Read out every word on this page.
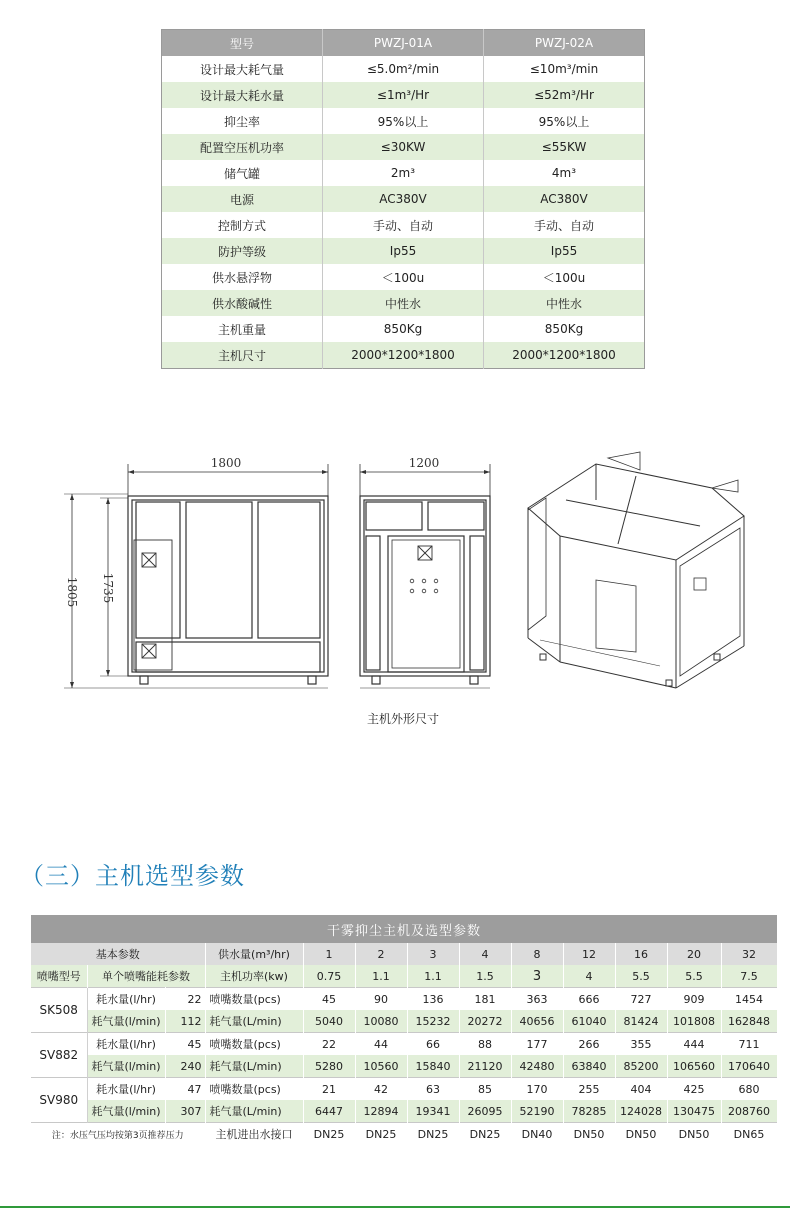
型号	PWZJ-01A	PWZJ-02A
设计最大耗气量	≤5.0m²/min	≤10m³/min
设计最大耗水量	≤1m³/Hr	≤52m³/Hr
抑尘率	95%以上	95%以上
配置空压机功率	≤30KW	≤55KW
储气罐	2m³	4m³
电源	AC380V	AC380V
控制方式	手动、自动	手动、自动
防护等级	Ip55	Ip55
供水悬浮物	＜100u	＜100u
供水酸碱性	中性水	中性水
主机重量	850Kg	850Kg
主机尺寸	2000*1200*1800	2000*1200*1800
1800	1200
1805 1735
主机外形尺寸
（三）主机选型参数
干雾抑尘主机及选型参数												
基本参数			供水量(m³/hr)	1	2	3	4	8	12	16	20	32
喷嘴型号	单个喷嘴能耗参数		主机功率(kw)	0.75	1.1	1.1	1.5	3	4	5.5	5.5	7.5
SK508	耗水量(l/hr)	22	喷嘴数量(pcs)	45	90	136	181	363	666	727	909	1454
	耗气量(l/min)	112	耗气量(L/min)	5040	10080	15232	20272	40656	61040	81424	101808	162848
SV882	耗水量(l/hr)	45	喷嘴数量(pcs)	22	44	66	88	177	266	355	444	711
	耗气量(l/min)	240	耗气量(L/min)	5280	10560	15840	21120	42480	63840	85200	106560	170640
SV980	耗水量(l/hr)	47	喷嘴数量(pcs)	21	42	63	85	170	255	404	425	680
	耗气量(l/min)	307	耗气量(L/min)	6447	12894	19341	26095	52190	78285	124028	130475	208760
注：水压气压均按第3页推荐压力			主机进出水接口	DN25	DN25	DN25	DN25	DN40	DN50	DN50	DN50	DN65
